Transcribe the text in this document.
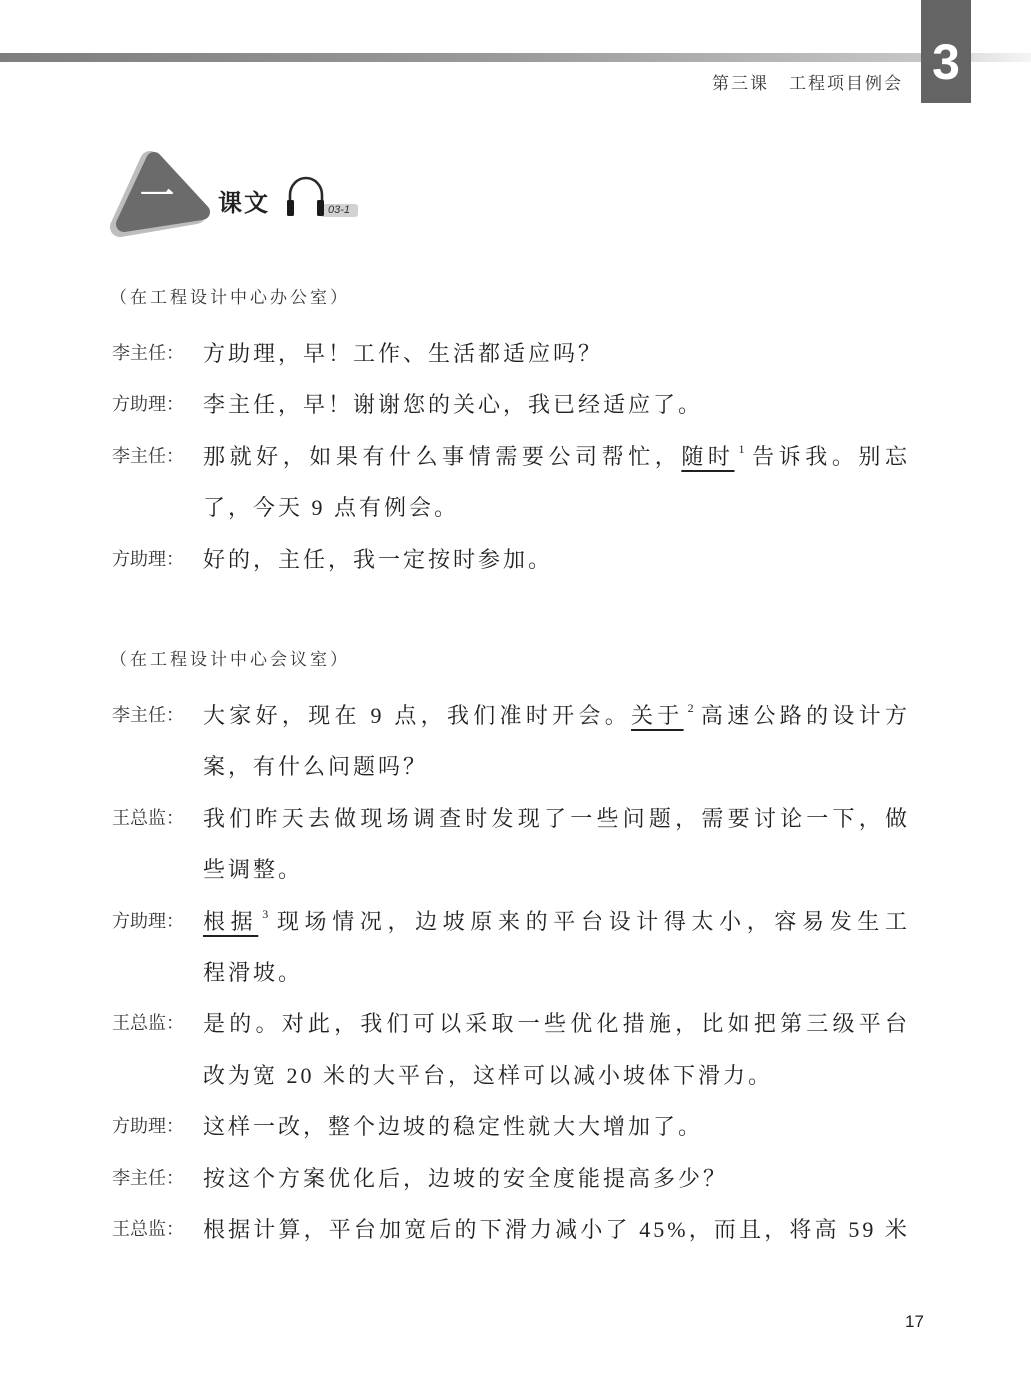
3
第三课 工程项目例会
一 课文	03-1
（在工程设计中心办公室）
李主任： 方助理，早！工作、生活都适应吗？
方助理： 李主任，早！谢谢您的关心，我已经适应了。
李主任： 那就好，如果有什么事情需要公司帮忙，随时 $^1$ 告诉我。别忘
了，今天 9 点有例会。
方助理： 好的，主任，我一定按时参加。
（在工程设计中心会议室）
李主任： 大家好，现在 9 点，我们准时开会。关于 $^2$ 高速公路的设计方
案，有什么问题吗？
王总监： 我们昨天去做现场调查时发现了一些问题，需要讨论一下，做
些调整。
方助理： 根据 $^3$ 现场情况，边坡原来的平台设计得太小，容易发生工
程滑坡。
王总监： 是的。对此，我们可以采取一些优化措施，比如把第三级平台
改为宽 20 米的大平台，这样可以减小坡体下滑力。
方助理： 这样一改，整个边坡的稳定性就大大增加了。
李主任： 按这个方案优化后，边坡的安全度能提高多少？
王总监： 根据计算，平台加宽后的下滑力减小了 45%，而且，将高 59 米
17
